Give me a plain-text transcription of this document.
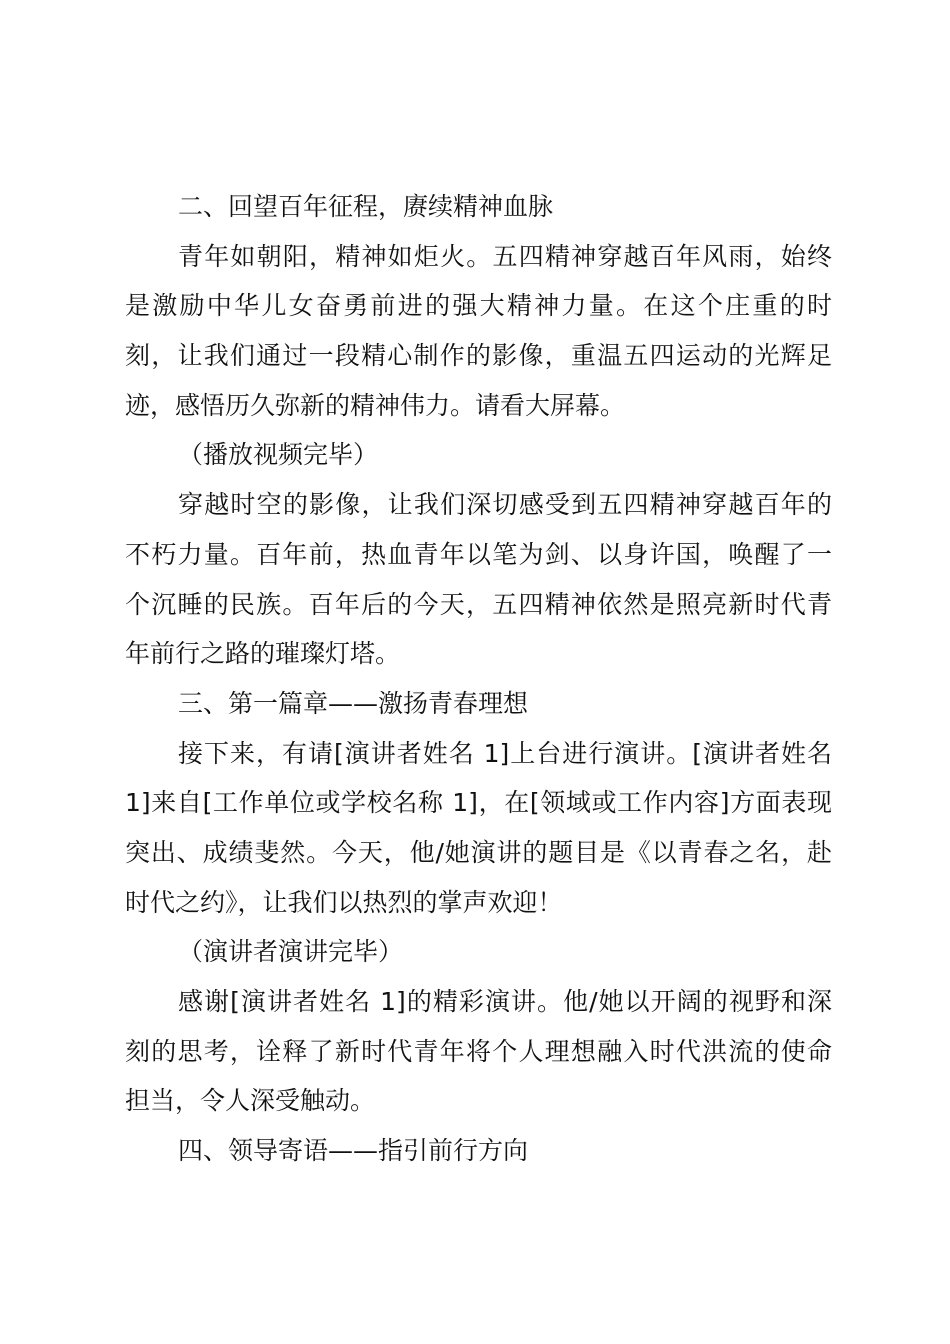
二、回望百年征程，赓续精神血脉
青年如朝阳，精神如炬火。五四精神穿越百年风雨，始终
是激励中华儿女奋勇前进的强大精神力量。在这个庄重的时
刻，让我们通过一段精心制作的影像，重温五四运动的光辉足
迹，感悟历久弥新的精神伟力。请看大屏幕。
（播放视频完毕）
穿越时空的影像，让我们深切感受到五四精神穿越百年的
不朽力量。百年前，热血青年以笔为剑、以身许国，唤醒了一
个沉睡的民族。百年后的今天，五四精神依然是照亮新时代青
年前行之路的璀璨灯塔。
三、第一篇章——激扬青春理想
接下来，有请[演讲者姓名 1]上台进行演讲。[演讲者姓名
1]来自[工作单位或学校名称 1]，在[领域或工作内容]方面表现
突出、成绩斐然。今天，他/她演讲的题目是《以青春之名，赴
时代之约》，让我们以热烈的掌声欢迎！
（演讲者演讲完毕）
感谢[演讲者姓名 1]的精彩演讲。他/她以开阔的视野和深
刻的思考，诠释了新时代青年将个人理想融入时代洪流的使命
担当，令人深受触动。
四、领导寄语——指引前行方向
